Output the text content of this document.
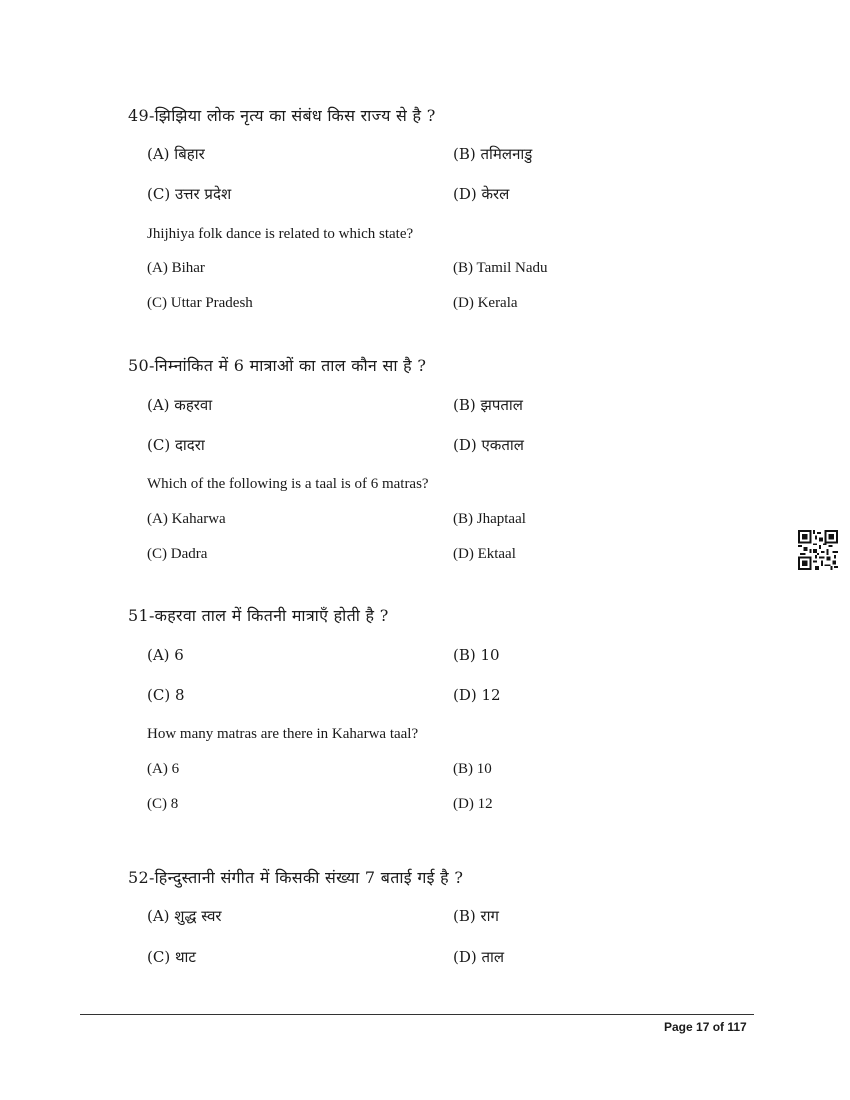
49-झिझिया लोक नृत्य का संबंध किस राज्य से है ?
(A) बिहार	(B) तमिलनाडु
(C) उत्तर प्रदेश	(D) केरल
Jhijhiya folk dance is related to which state?
(A) Bihar	(B) Tamil Nadu
(C) Uttar Pradesh	(D) Kerala
50-निम्नांकित में 6 मात्राओं का ताल कौन सा है ?
(A) कहरवा	(B) झपताल
(C) दादरा	(D) एकताल
Which of the following is a taal is of 6 matras?
(A) Kaharwa	(B) Jhaptaal
(C) Dadra	(D) Ektaal
51-कहरवा ताल में कितनी मात्राएँ होती है ?
(A) 6	(B) 10
(C) 8	(D) 12
How many matras are there in Kaharwa taal?
(A) 6	(B) 10
(C) 8	(D) 12
52-हिन्दुस्तानी संगीत में किसकी संख्या 7 बताई गई है ?
(A) शुद्ध स्वर	(B) राग
(C) थाट	(D) ताल
Page 17 of 117
